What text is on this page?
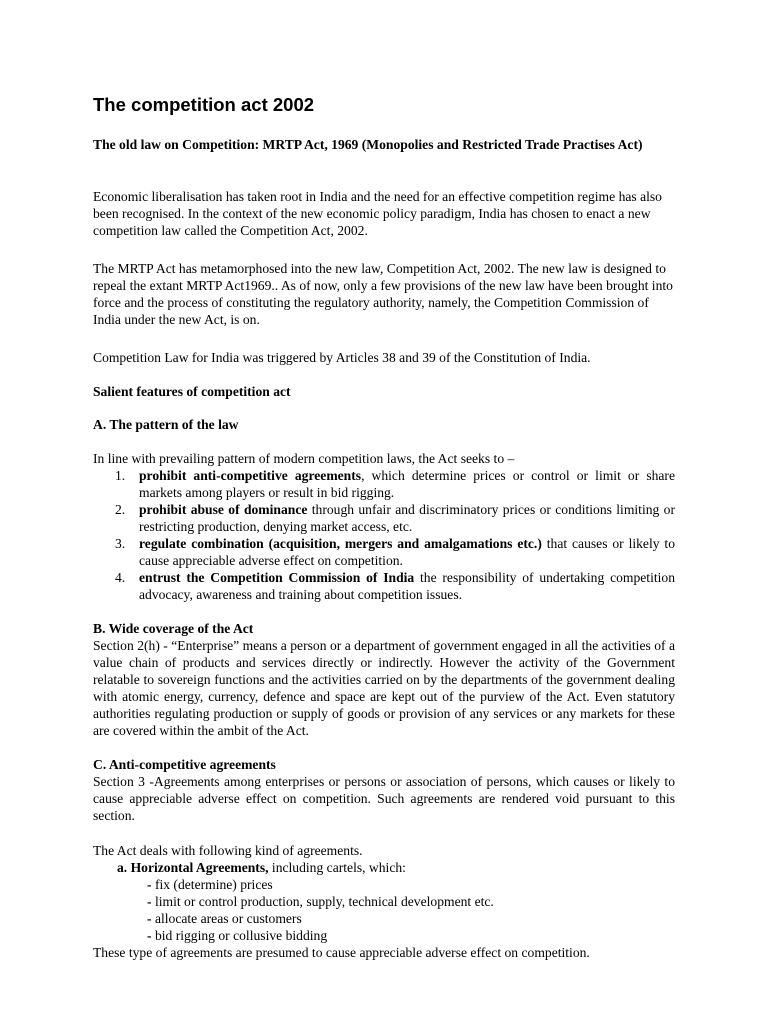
The competition act 2002

The old law on Competition: MRTP Act, 1969 (Monopolies and Restricted Trade Practises Act)

Economic liberalisation has taken root in India and the need for an effective competition regime has also been recognised. In the context of the new economic policy paradigm, India has chosen to enact a new competition law called the Competition Act, 2002.

The MRTP Act has metamorphosed into the new law, Competition Act, 2002. The new law is designed to repeal the extant MRTP Act1969.. As of now, only a few provisions of the new law have been brought into force and the process of constituting the regulatory authority, namely, the Competition Commission of India under the new Act, is on.

Competition Law for India was triggered by Articles 38 and 39 of the Constitution of India.

Salient features of competition act

A. The pattern of the law

In line with prevailing pattern of modern competition laws, the Act seeks to –
1. prohibit anti-competitive agreements, which determine prices or control or limit or share markets among players or result in bid rigging.
2. prohibit abuse of dominance through unfair and discriminatory prices or conditions limiting or restricting production, denying market access, etc.
3. regulate combination (acquisition, mergers and amalgamations etc.) that causes or likely to cause appreciable adverse effect on competition.
4. entrust the Competition Commission of India the responsibility of undertaking competition advocacy, awareness and training about competition issues.
B. Wide coverage of the Act
Section 2(h) - “Enterprise” means a person or a department of government engaged in all the activities of a value chain of products and services directly or indirectly. However the activity of the Government relatable to sovereign functions and the activities carried on by the departments of the government dealing with atomic energy, currency, defence and space are kept out of the purview of the Act. Even statutory authorities regulating production or supply of goods or provision of any services or any markets for these are covered within the ambit of the Act.
C. Anti-competitive agreements
Section 3 -Agreements among enterprises or persons or association of persons, which causes or likely to cause appreciable adverse effect on competition. Such agreements are rendered void pursuant to this section.
The Act deals with following kind of agreements.
a. Horizontal Agreements, including cartels, which:
- fix (determine) prices
- limit or control production, supply, technical development etc.
- allocate areas or customers
- bid rigging or collusive bidding
These type of agreements are presumed to cause appreciable adverse effect on competition.
